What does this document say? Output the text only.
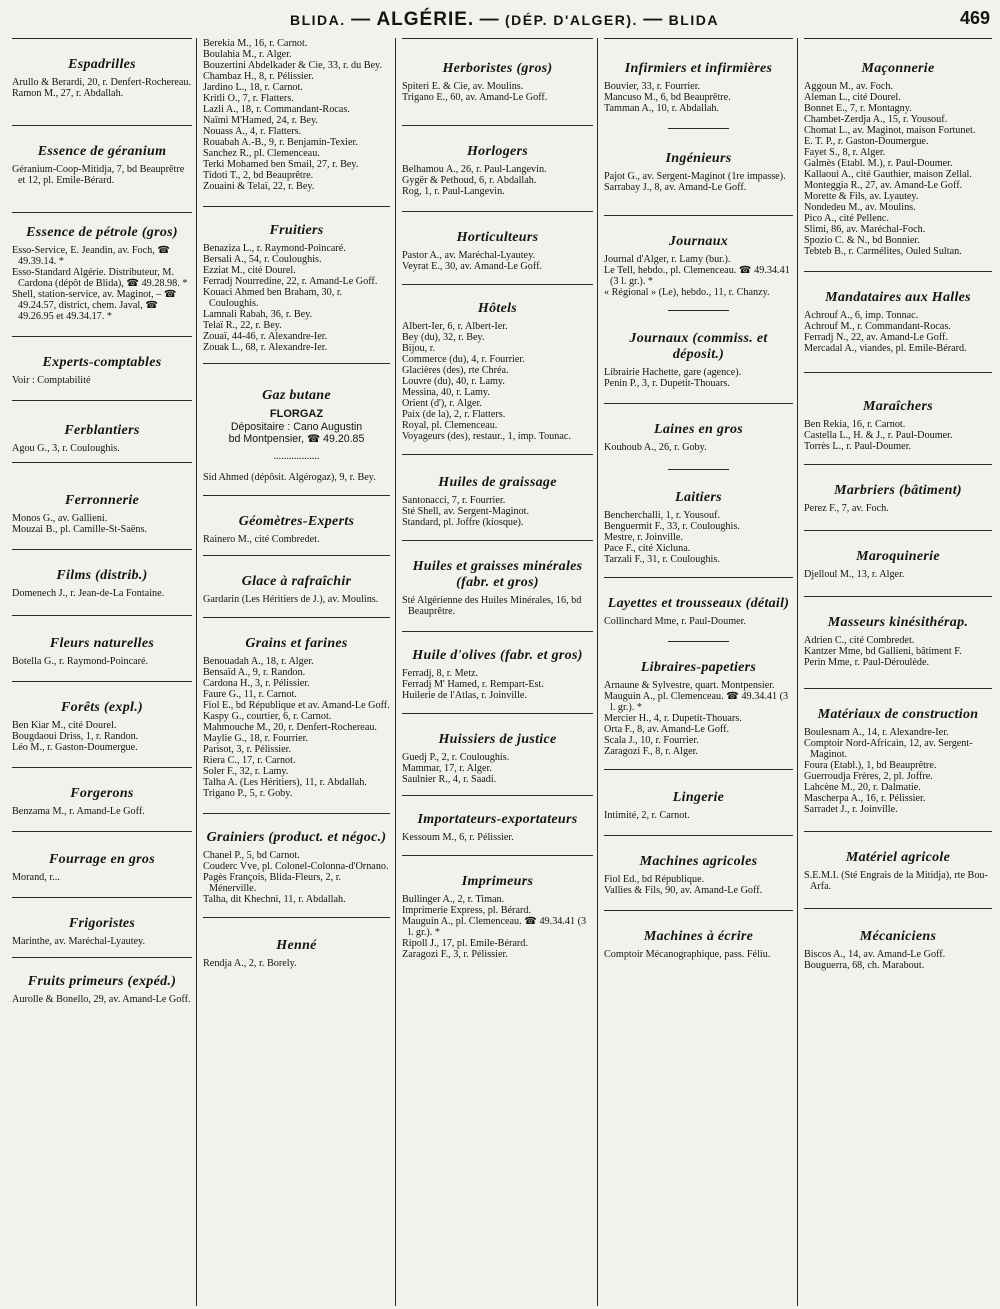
BLIDA. — ALGÉRIE. — (DÉP. D'ALGER). — BLIDA	469
Espadrilles
Arullo & Berardi, 20, r. Denfert-Rochereau.
Ramon M., 27, r. Abdallah.
Essence de géranium
Géranium-Coop-Mitidja, 7, bd Beauprêtre et 12, pl. Emile-Bérard.
Essence de pétrole (gros)
Esso-Service, E. Jeandin, av. Foch, ☎ 49.39.14. *
Esso-Standard Algérie. Distributeur, M. Cardona (dépôt de Blida), ☎ 49.28.98. *
Shell, station-service, av. Maginot, – ☎ 49.24.57, district, chem. Javal, ☎ 49.26.95 et 49.34.17. *
Experts-comptables
Voir : Comptabilité
Ferblantiers
Agou G., 3, r. Couloughis.
Ferronnerie
Monos G., av. Gallieni.
Mouzai B., pl. Camille-St-Saëns.
Films (distrib.)
Domenech J., r. Jean-de-La Fontaine.
Fleurs naturelles
Botella G., r. Raymond-Poincaré.
Forêts (expl.)
Ben Kiar M., cité Dourel.
Bougdaoui Driss, 1, r. Randon.
Léo M., r. Gaston-Doumergue.
Forgerons
Benzama M., r. Amand-Le Goff.
Fourrage en gros
Morand, r...
Frigoristes
Marinthe, av. Maréchal-Lyautey.
Fruits primeurs (expéd.)
Aurolle & Bonello, 29, av. Amand-Le Goff.
Berekia M., 16, r. Carnot.
Boulahia M., r. Alger.
Bouzertini Abdelkader & Cie, 33, r. du Bey.
Chambaz H., 8, r. Pélissier.
Jardino L., 18, r. Carnot.
Kritli O., 7, r. Flatters.
Lazli A., 18, r. Commandant-Rocas.
Naïmi M'Hamed, 24, r. Bey.
Nouass A., 4, r. Flatters.
Rouabah A.-B., 9, r. Benjamin-Texier.
Sanchez R., pl. Clemenceau.
Terki Mohamed ben Smail, 27, r. Bey.
Tidoti T., 2, bd Beauprêtre.
Zouaini & Telaï, 22, r. Bey.
Fruitiers
Benaziza L., r. Raymond-Poincaré.
Bersali A., 54, r. Couloughis.
Ezziat M., cité Dourel.
Ferradj Nourredine, 22, r. Amand-Le Goff.
Kouaci Ahmed ben Braham, 30, r. Couloughis.
Lamnali Rabah, 36, r. Bey.
Telaï R., 22, r. Bey.
Zouaï, 44-46, r. Alexandre-Ier.
Zouak L., 68, r. Alexandre-Ier.
Gaz butane
FLORGAZ
Dépositaire : Cano Augustin
bd Montpensier, ☎ 49.20.85
..................
Sid Ahmed (dépôsit. Algérogaz), 9, r. Bey.
Géomètres-Experts
Rainero M., cité Combredet.
Glace à rafraîchir
Gardarin (Les Héritiers de J.), av. Moulins.
Grains et farines
Benouadah A., 18, r. Alger.
Bensaïd A., 9, r. Randon.
Cardona H., 3, r. Pélissier.
Faure G., 11, r. Carnot.
Fiol E., bd République et av. Amand-Le Goff.
Kaspy G., courtier, 6, r. Carnot.
Mahmouche M., 20, r. Denfert-Rochereau.
Maylie G., 18, r. Fourrier.
Parisot, 3, r. Pélissier.
Riera C., 17, r. Carnot.
Soler F., 32, r. Lamy.
Talha A. (Les Héritiers), 11, r. Abdallah.
Trigano P., 5, r. Goby.
Grainiers (product. et négoc.)
Chanel P., 5, bd Carnot.
Couderc Vve, pl. Colonel-Colonna-d'Ornano.
Pagès François, Blida-Fleurs, 2, r. Ménerville.
Talha, dit Khechni, 11, r. Abdallah.
Henné
Rendja A., 2, r. Borely.
Herboristes (gros)
Spiteri E. & Cie, av. Moulins.
Trigano E., 60, av. Amand-Le Goff.
Horlogers
Belhamou A., 26, r. Paul-Langevin.
Gygër & Pethoud, 6, r. Abdallah.
Rog, 1, r. Paul-Langevin.
Horticulteurs
Pastor A., av. Maréchal-Lyautey.
Veyrat E., 30, av. Amand-Le Goff.
Hôtels
Albert-Ier, 6, r. Albert-Ier.
Bey (du), 32, r. Bey.
Bijou, r.
Commerce (du), 4, r. Fourrier.
Glacières (des), rte Chréa.
Louvre (du), 40, r. Lamy.
Messina, 40, r. Lamy.
Orient (d'), r. Alger.
Paix (de la), 2, r. Flatters.
Royal, pl. Clemenceau.
Voyageurs (des), restaur., 1, imp. Tounac.
Huiles de graissage
Santonacci, 7, r. Fourrier.
Sté Shell, av. Sergent-Maginot.
Standard, pl. Joffre (kiosque).
Huiles et graisses minérales (fabr. et gros)
Sté Algérienne des Huiles Minérales, 16, bd Beauprêtre.
Huile d'olives (fabr. et gros)
Ferradj, 8, r. Metz.
Ferradj M' Hamed, r. Rempart-Est.
Huilerie de l'Atlas, r. Joinville.
Huissiers de justice
Guedj P., 2, r. Couloughis.
Mammar, 17, r. Alger.
Saulnier R., 4, r. Saadi.
Importateurs-exportateurs
Kessoum M., 6, r. Pélissier.
Imprimeurs
Bullinger A., 2, r. Timan.
Imprimerie Express, pl. Bérard.
Mauguin A., pl. Clemenceau. ☎ 49.34.41 (3 l. gr.). *
Ripoll J., 17, pl. Emile-Bérard.
Zaragozi F., 3, r. Pélissier.
Infirmiers et infirmières
Bouvier, 33, r. Fourrier.
Mancuso M., 6, bd Beauprêtre.
Tamman A., 10, r. Abdallah.
Ingénieurs
Pajot G., av. Sergent-Maginot (1re impasse).
Sarrabay J., 8, av. Amand-Le Goff.
Journaux
Journal d'Alger, r. Lamy (bur.).
Le Tell, hebdo., pl. Clemenceau. ☎ 49.34.41 (3 l. gr.). *
« Régional » (Le), hebdo., 11, r. Chanzy.
Journaux (commiss. et déposit.)
Librairie Hachette, gare (agence).
Penin P., 3, r. Dupetit-Thouars.
Laines en gros
Kouhoub A., 26, r. Goby.
Laitiers
Bencherchalli, 1, r. Yousouf.
Benguermit F., 33, r. Couloughis.
Mestre, r. Joinville.
Pace F., cité Xicluna.
Tarzali F., 31, r. Couloughis.
Layettes et trousseaux (détail)
Collinchard Mme, r. Paul-Doumer.
Libraires-papetiers
Arnaune & Sylvestre, quart. Montpensier.
Mauguin A., pl. Clemenceau. ☎ 49.34.41 (3 l. gr.). *
Mercier H., 4, r. Dupetit-Thouars.
Orta F., 8, av. Amand-Le Goff.
Scala J., 10, r. Fourrier.
Zaragozi F., 8, r. Alger.
Lingerie
Intimité, 2, r. Carnot.
Machines agricoles
Fiol Ed., bd République.
Vallies & Fils, 90, av. Amand-Le Goff.
Machines à écrire
Comptoir Mécanographique, pass. Féliu.
Maçonnerie
Aggoun M., av. Foch.
Aleman L., cité Dourel.
Bonnet E., 7, r. Montagny.
Chambet-Zerdja A., 15, r. Yousouf.
Chomat L., av. Maginot, maison Fortunet.
E. T. P., r. Gaston-Doumergue.
Fayet S., 8, r. Alger.
Galmès (Etabl. M.), r. Paul-Doumer.
Kallaoui A., cité Gauthier, maison Zellal.
Monteggia R., 27, av. Amand-Le Goff.
Morette & Fils, av. Lyautey.
Nondedeu M., av. Moulins.
Pico A., cité Pellenc.
Slimi, 86, av. Maréchal-Foch.
Spozio C. & N., bd Bonnier.
Tebteb B., r. Carmélites, Ouled Sultan.
Mandataires aux Halles
Achrouf A., 6, imp. Tonnac.
Achrouf M., r. Commandant-Rocas.
Ferradj N., 22, av. Amand-Le Goff.
Mercadal A., viandes, pl. Emile-Bérard.
Maraîchers
Ben Rekia, 16, r. Carnot.
Castella L., H. & J., r. Paul-Doumer.
Torrès L., r. Paul-Doumer.
Marbriers (bâtiment)
Perez F., 7, av. Foch.
Maroquinerie
Djelloul M., 13, r. Alger.
Masseurs kinésithérap.
Adrien C., cité Combredet.
Kantzer Mme, bd Gallieni, bâtiment F.
Perin Mme, r. Paul-Déroulède.
Matériaux de construction
Boulesnam A., 14, r. Alexandre-Ier.
Comptoir Nord-Africain, 12, av. Sergent-Maginot.
Foura (Etabl.), 1, bd Beauprêtre.
Guerroudja Frères, 2, pl. Joffre.
Lahcène M., 20, r. Dalmatie.
Mascherpa A., 16, r. Pélissier.
Sarradet J., r. Joinville.
Matériel agricole
S.E.M.I. (Sté Engrais de la Mitidja), rte Bou-Arfa.
Mécaniciens
Biscos A., 14, av. Amand-Le Goff.
Bouguerra, 68, ch. Marabout.
